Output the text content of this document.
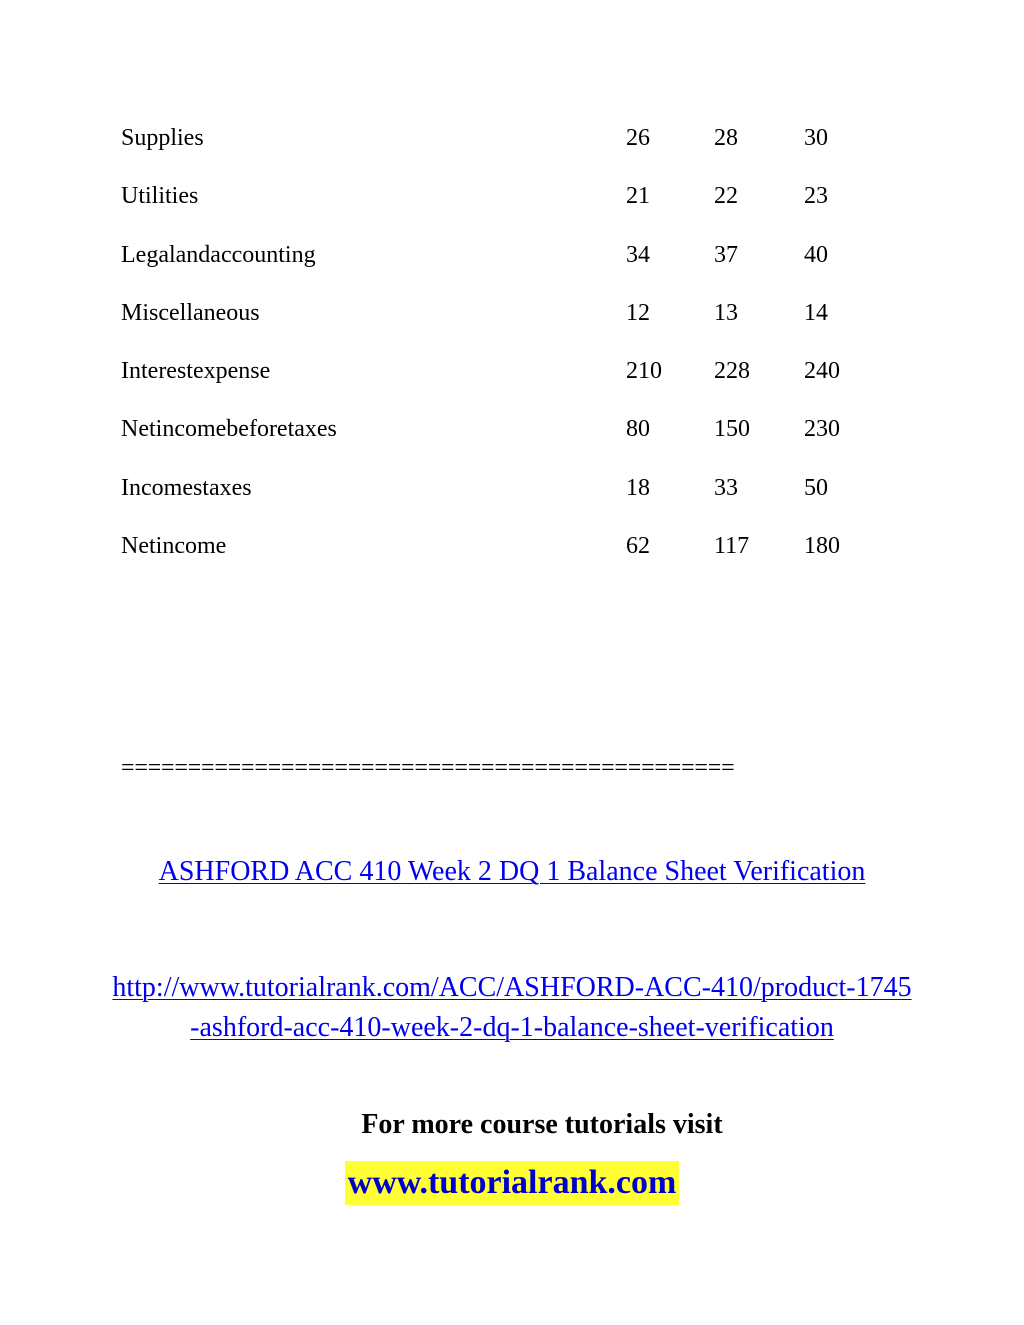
Supplies	26	28	30
Utilities	21	22	23
Legalandaccounting	34	37	40
Miscellaneous	12	13	14
Interestexpense	210 228 240
Netincomebeforetaxes	80	150 230
Incomestaxes	18	33	50
Netincome	62	117 180
==============================================
ASHFORD ACC 410 Week 2 DQ 1 Balance Sheet Verification
http://www.tutorialrank.com/ACC/ASHFORD-ACC-410/product-1745-ashford-acc-410-week-2-dq-1-balance-sheet-verification
For more course tutorials visit
www.tutorialrank.com
